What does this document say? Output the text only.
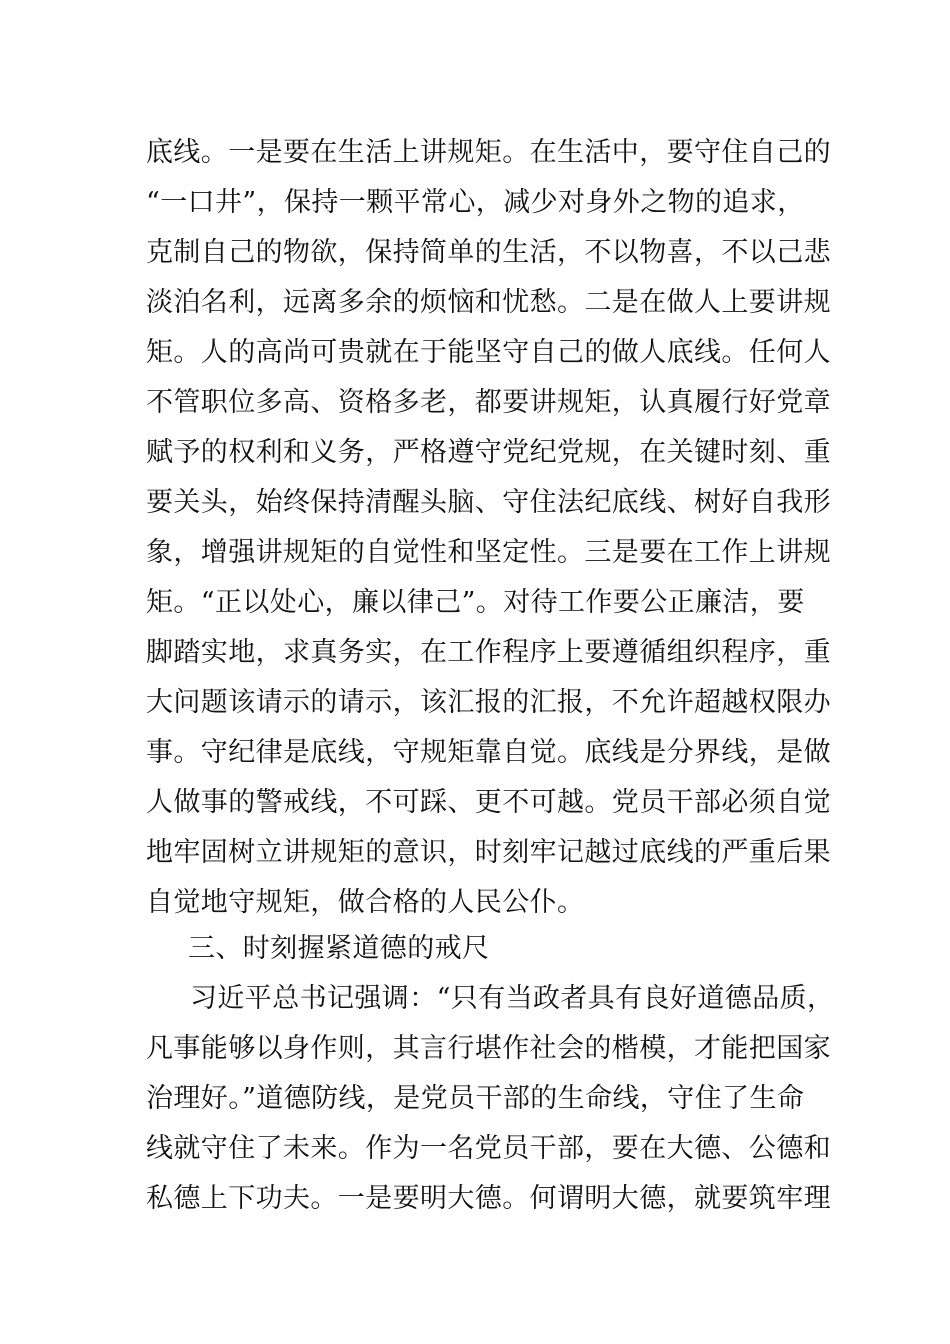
底线。一是要在生活上讲规矩。在生活中，要守住自己的
“一口井”，保持一颗平常心，减少对身外之物的追求，
克制自己的物欲，保持简单的生活，不以物喜，不以己悲
淡泊名利，远离多余的烦恼和忧愁。二是在做人上要讲规
矩。人的高尚可贵就在于能坚守自己的做人底线。任何人
不管职位多高、资格多老，都要讲规矩，认真履行好党章
赋予的权利和义务，严格遵守党纪党规，在关键时刻、重
要关头，始终保持清醒头脑、守住法纪底线、树好自我形
象，增强讲规矩的自觉性和坚定性。三是要在工作上讲规
矩。“正以处心，廉以律己”。对待工作要公正廉洁，要
脚踏实地，求真务实，在工作程序上要遵循组织程序，重
大问题该请示的请示，该汇报的汇报，不允许超越权限办
事。守纪律是底线，守规矩靠自觉。底线是分界线，是做
人做事的警戒线，不可踩、更不可越。党员干部必须自觉
地牢固树立讲规矩的意识，时刻牢记越过底线的严重后果
自觉地守规矩，做合格的人民公仆。
三、时刻握紧道德的戒尺
习近平总书记强调：“只有当政者具有良好道德品质，
凡事能够以身作则，其言行堪作社会的楷模，才能把国家
治理好。”道德防线，是党员干部的生命线，守住了生命
线就守住了未来。作为一名党员干部，要在大德、公德和
私德上下功夫。一是要明大德。何谓明大德，就要筑牢理
